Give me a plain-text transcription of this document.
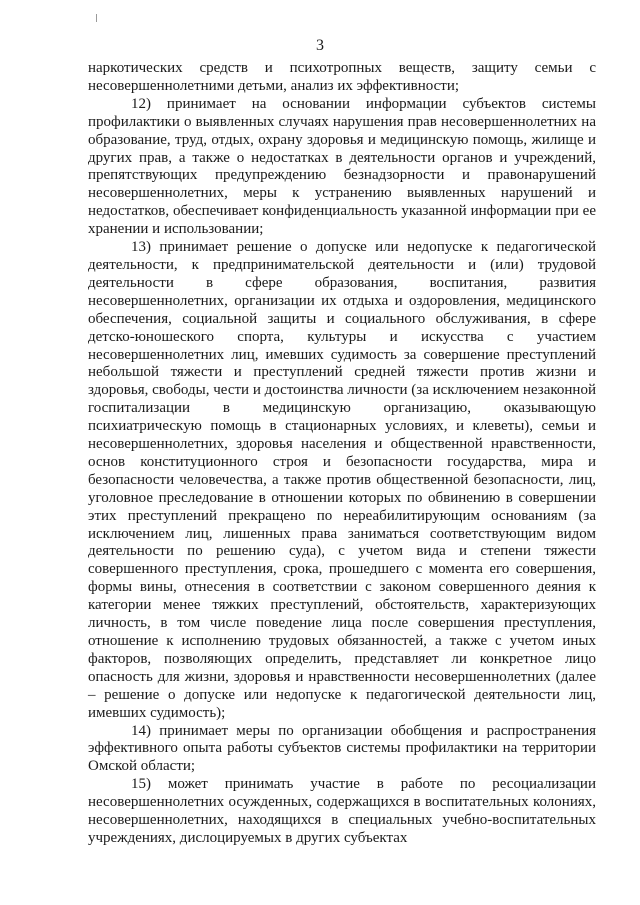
3

наркотических средств и психотропных веществ, защиту семьи с несовершеннолетними детьми, анализ их эффективности;

12) принимает на основании информации субъектов системы профилактики о выявленных случаях нарушения прав несовершеннолетних на образование, труд, отдых, охрану здоровья и медицинскую помощь, жилище и других прав, а также о недостатках в деятельности органов и учреждений, препятствующих предупреждению безнадзорности и правонарушений несовершеннолетних, меры к устранению выявленных нарушений и недостатков, обеспечивает конфиденциальность указанной информации при ее хранении и использовании;

13) принимает решение о допуске или недопуске к педагогической деятельности, к предпринимательской деятельности и (или) трудовой деятельности в сфере образования, воспитания, развития несовершеннолетних, организации их отдыха и оздоровления, медицинского обеспечения, социальной защиты и социального обслуживания, в сфере детско-юношеского спорта, культуры и искусства с участием несовершеннолетних лиц, имевших судимость за совершение преступлений небольшой тяжести и преступлений средней тяжести против жизни и здоровья, свободы, чести и достоинства личности (за исключением незаконной госпитализации в медицинскую организацию, оказывающую психиатрическую помощь в стационарных условиях, и клеветы), семьи и несовершеннолетних, здоровья населения и общественной нравственности, основ конституционного строя и безопасности государства, мира и безопасности человечества, а также против общественной безопасности, лиц, уголовное преследование в отношении которых по обвинению в совершении этих преступлений прекращено по нереабилитирующим основаниям (за исключением лиц, лишенных права заниматься соответствующим видом деятельности по решению суда), с учетом вида и степени тяжести совершенного преступления, срока, прошедшего с момента его совершения, формы вины, отнесения в соответствии с законом совершенного деяния к категории менее тяжких преступлений, обстоятельств, характеризующих личность, в том числе поведение лица после совершения преступления, отношение к исполнению трудовых обязанностей, а также с учетом иных факторов, позволяющих определить, представляет ли конкретное лицо опасность для жизни, здоровья и нравственности несовершеннолетних (далее – решение о допуске или недопуске к педагогической деятельности лиц, имевших судимость);

14) принимает меры по организации обобщения и распространения эффективного опыта работы субъектов системы профилактики на территории Омской области;

15) может принимать участие в работе по ресоциализации несовершеннолетних осужденных, содержащихся в воспитательных колониях, несовершеннолетних, находящихся в специальных учебно-воспитательных учреждениях, дислоцируемых в других субъектах
